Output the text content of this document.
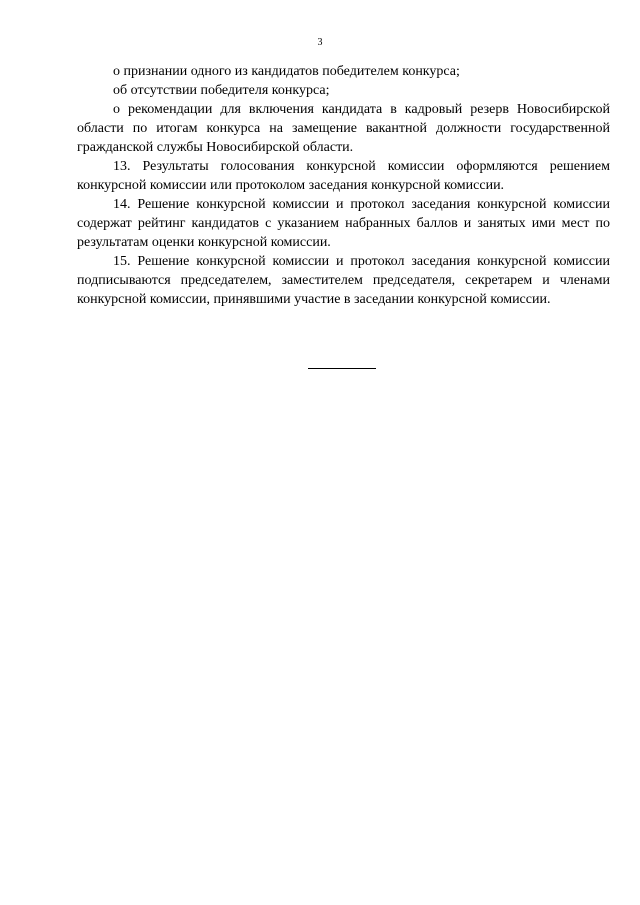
3

о признании одного из кандидатов победителем конкурса;

об отсутствии победителя конкурса;

о рекомендации для включения кандидата в кадровый резерв Новосибирской области по итогам конкурса на замещение вакантной должности государственной гражданской службы Новосибирской области.

13. Результаты голосования конкурсной комиссии оформляются решением конкурсной комиссии или протоколом заседания конкурсной комиссии.

14. Решение конкурсной комиссии и протокол заседания конкурсной комиссии содержат рейтинг кандидатов с указанием набранных баллов и занятых ими мест по результатам оценки конкурсной комиссии.

15. Решение конкурсной комиссии и протокол заседания конкурсной комиссии подписываются председателем, заместителем председателя, секретарем и членами конкурсной комиссии, принявшими участие в заседании конкурсной комиссии.
